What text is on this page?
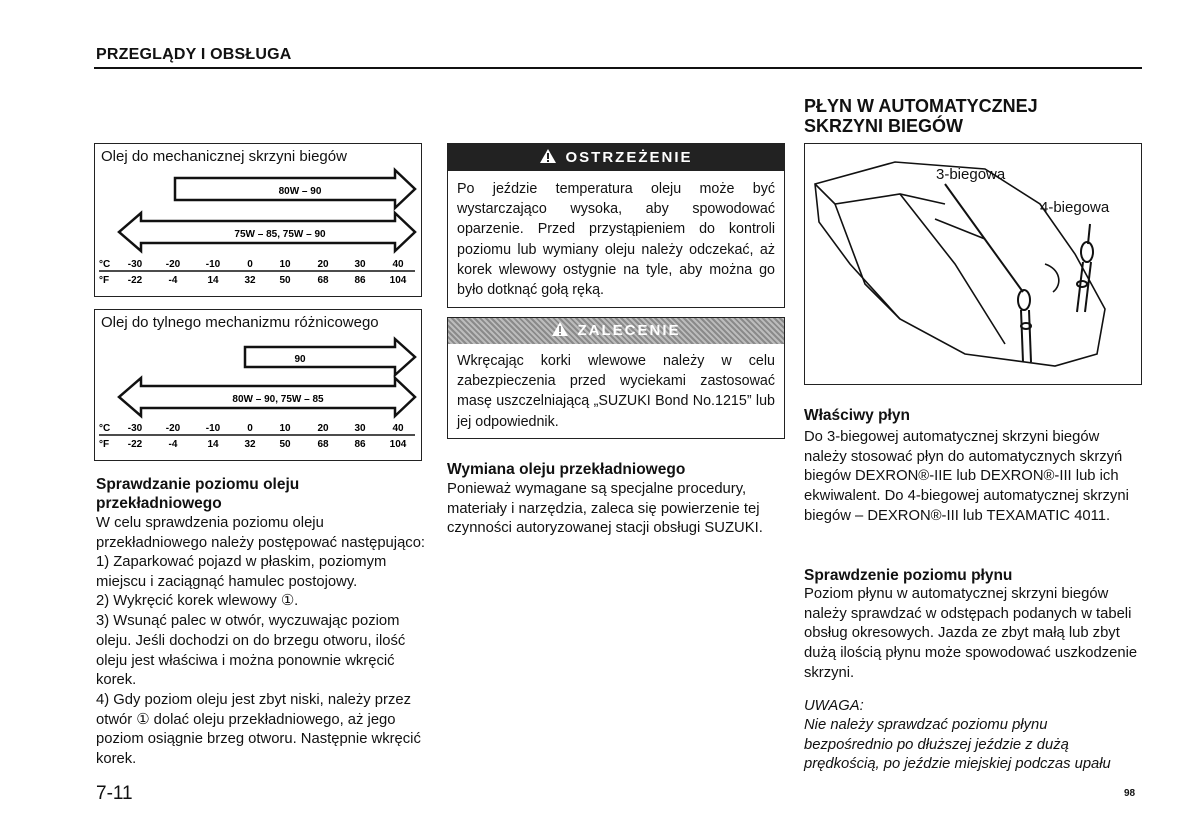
PRZEGLĄDY I OBSŁUGA
Olej do mechanicznej skrzyni biegów
80W – 90
75W – 85, 75W – 90
°C -30 -20	-10	0	10	20	30	40
°F -22	-4	14	32 50	68	86 104
Olej do tylnego mechanizmu różnicowego
90
80W – 90, 75W – 85
°C -30 -20	-10	0	10	20	30	40
°F -22	-4	14	32 50	68	86 104
Sprawdzanie poziomu oleju przekładniowego
W celu sprawdzenia poziomu oleju przekładniowego należy postępować następująco:
1) Zaparkować pojazd w płaskim, poziomym miejscu i zaciągnąć hamulec postojowy.
2) Wykręcić korek wlewowy ①.
3) Wsunąć palec w otwór, wyczuwając poziom oleju. Jeśli dochodzi on do brzegu otworu, ilość oleju jest właściwa i można ponownie wkręcić korek.
4) Gdy poziom oleju jest zbyt niski, należy przez otwór ① dolać oleju przekładniowego, aż jego poziom osiągnie brzeg otworu. Następnie wkręcić korek.
OSTRZEŻENIE
Po jeździe temperatura oleju może być wystarczająco wysoka, aby spowodować oparzenie. Przed przystąpieniem do kontroli poziomu lub wymiany oleju należy odczekać, aż korek wlewowy ostygnie na tyle, aby można go było dotknąć gołą ręką.
ZALECENIE
Wkręcając korki wlewowe należy w celu zabezpieczenia przed wyciekami zastosować masę uszczelniającą „SUZUKI Bond No.1215” lub jej odpowiednik.
Wymiana oleju przekładniowego
Ponieważ wymagane są specjalne procedury, materiały i narzędzia, zaleca się powierzenie tej czynności autoryzowanej stacji obsługi SUZUKI.
PŁYN W AUTOMATYCZNEJ
SKRZYNI BIEGÓW
3-biegowa
4-biegowa
Właściwy płyn
Do 3-biegowej automatycznej skrzyni biegów należy stosować płyn do automatycznych skrzyń biegów DEXRON®-IIE lub DEXRON®-III lub ich ekwiwalent. Do 4-biegowej automatycznej skrzyni biegów – DEXRON®-III lub TEXAMATIC 4011.
Sprawdzenie poziomu płynu
Poziom płynu w automatycznej skrzyni biegów należy sprawdzać w odstępach podanych w tabeli obsług okresowych. Jazda ze zbyt małą lub zbyt dużą ilością płynu może spowodować uszkodzenie skrzyni.
UWAGA:
Nie należy sprawdzać poziomu płynu bezpośrednio po dłuższej jeździe z dużą prędkością, po jeździe miejskiej podczas upału
7-11	98
